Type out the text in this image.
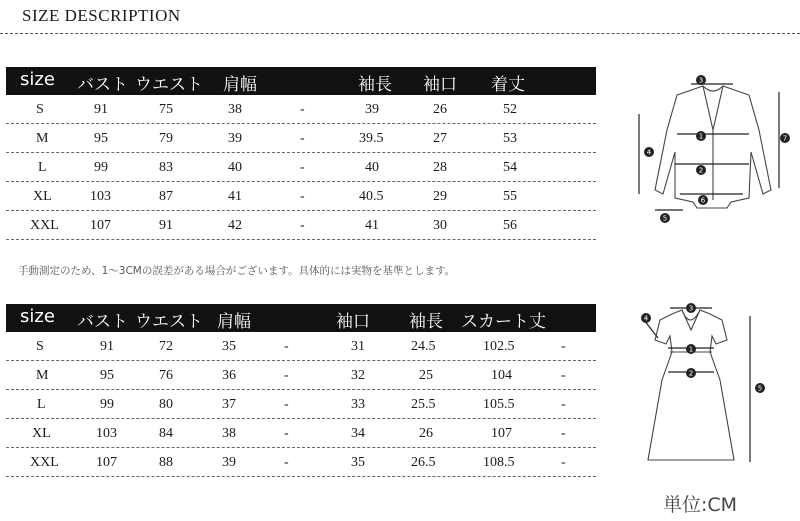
SIZE DESCRIPTION
size バスト ウエスト 肩幅	袖長 袖口 着丈
S	91	75	38	-	39	26	52
M	95	79	39	-	39.5	27	53
L	99	83	40	-	40	28	54
XL	103	87	41	-	40.5	29	55
XXL 107	91	42	-	41	30	56
手動測定のため、1～3CMの誤差がある場合がございます。具体的には実物を基準とします。
size バスト ウエスト 肩幅	袖口 袖長 スカート丈
S	91	72	35	-	31	24.5	102.5	-
M	95	76	36	-	32	25	104	-
L	99	80	37	-	33	25.5	105.5	-
XL	103	84	38	-	34	26	107	-
XXL	107	88	39	-	35	26.5	108.5	-
3
1
2
6
4
7
5
3
1
2
4
5
単位:CM
